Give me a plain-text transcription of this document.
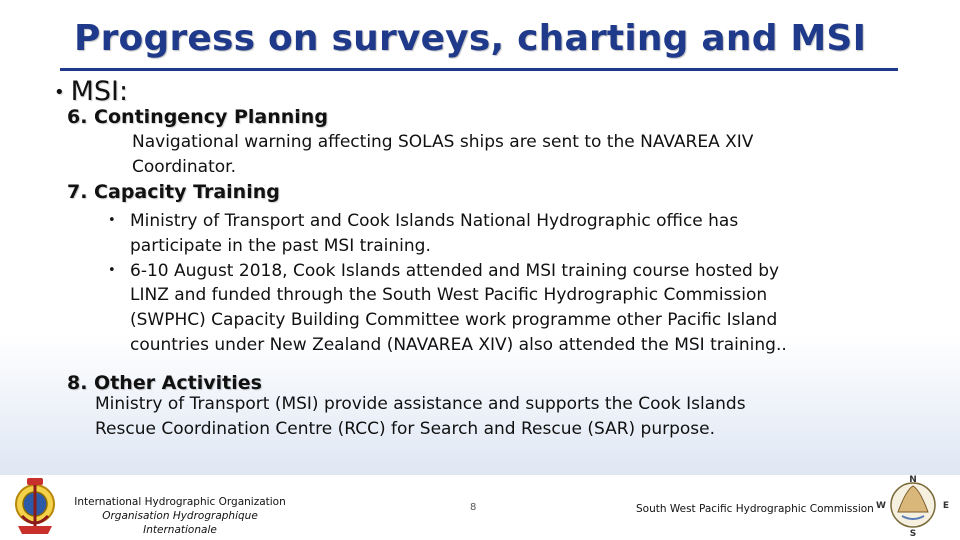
Progress on surveys, charting and MSI
• MSI:
6. Contingency Planning
Navigational warning affecting SOLAS ships are sent to the NAVAREA XIV Coordinator.
7. Capacity Training
• Ministry of Transport and Cook Islands National Hydrographic office has participate in the past MSI training.
• 6-10 August 2018, Cook Islands attended and MSI training course hosted by LINZ and funded through the South West Pacific Hydrographic Commission (SWPHC) Capacity Building Committee work programme other Pacific Island countries under New Zealand (NAVAREA XIV) also attended the MSI training..
8. Other Activities
Ministry of Transport (MSI) provide assistance and supports the Cook Islands Rescue Coordination Centre (RCC) for Search and Rescue (SAR) purpose.
International Hydrographic Organization
Organisation Hydrographique Internationale
8	South West Pacific Hydrographic Commission
N
E
S
W
